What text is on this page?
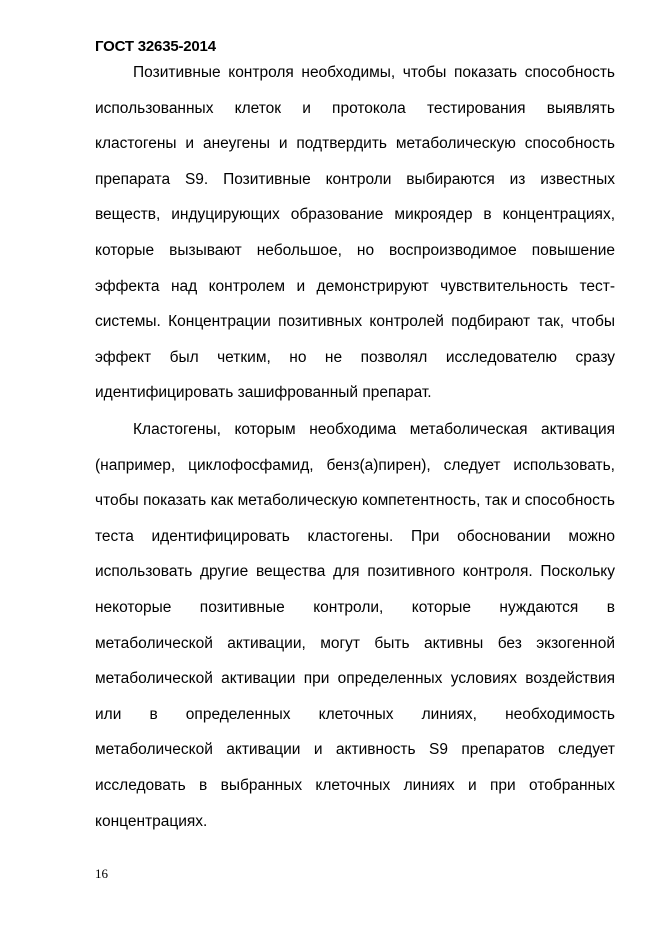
ГОСТ 32635-2014

Позитивные контроля необходимы, чтобы показать способность использованных клеток и протокола тестирования выявлять кластогены и анеугены и подтвердить метаболическую способность препарата S9. Позитивные контроли выбираются из известных веществ, индуцирующих образование микроядер в концентрациях, которые вызывают небольшое, но воспроизводимое повышение эффекта над контролем и демонстрируют чувствительность тест-системы. Концентрации позитивных контролей подбирают так, чтобы эффект был четким, но не позволял исследователю сразу идентифицировать зашифрованный препарат.

Кластогены, которым необходима метаболическая активация (например, циклофосфамид, бенз(а)пирен), следует использовать, чтобы показать как метаболическую компетентность, так и способность теста идентифицировать кластогены. При обосновании можно использовать другие вещества для позитивного контроля. Поскольку некоторые позитивные контроли, которые нуждаются в метаболической активации, могут быть активны без экзогенной метаболической активации при определенных условиях воздействия или в определенных клеточных линиях, необходимость метаболической активации и активность S9 препаратов следует исследовать в выбранных клеточных линиях и при отобранных концентрациях.

16
